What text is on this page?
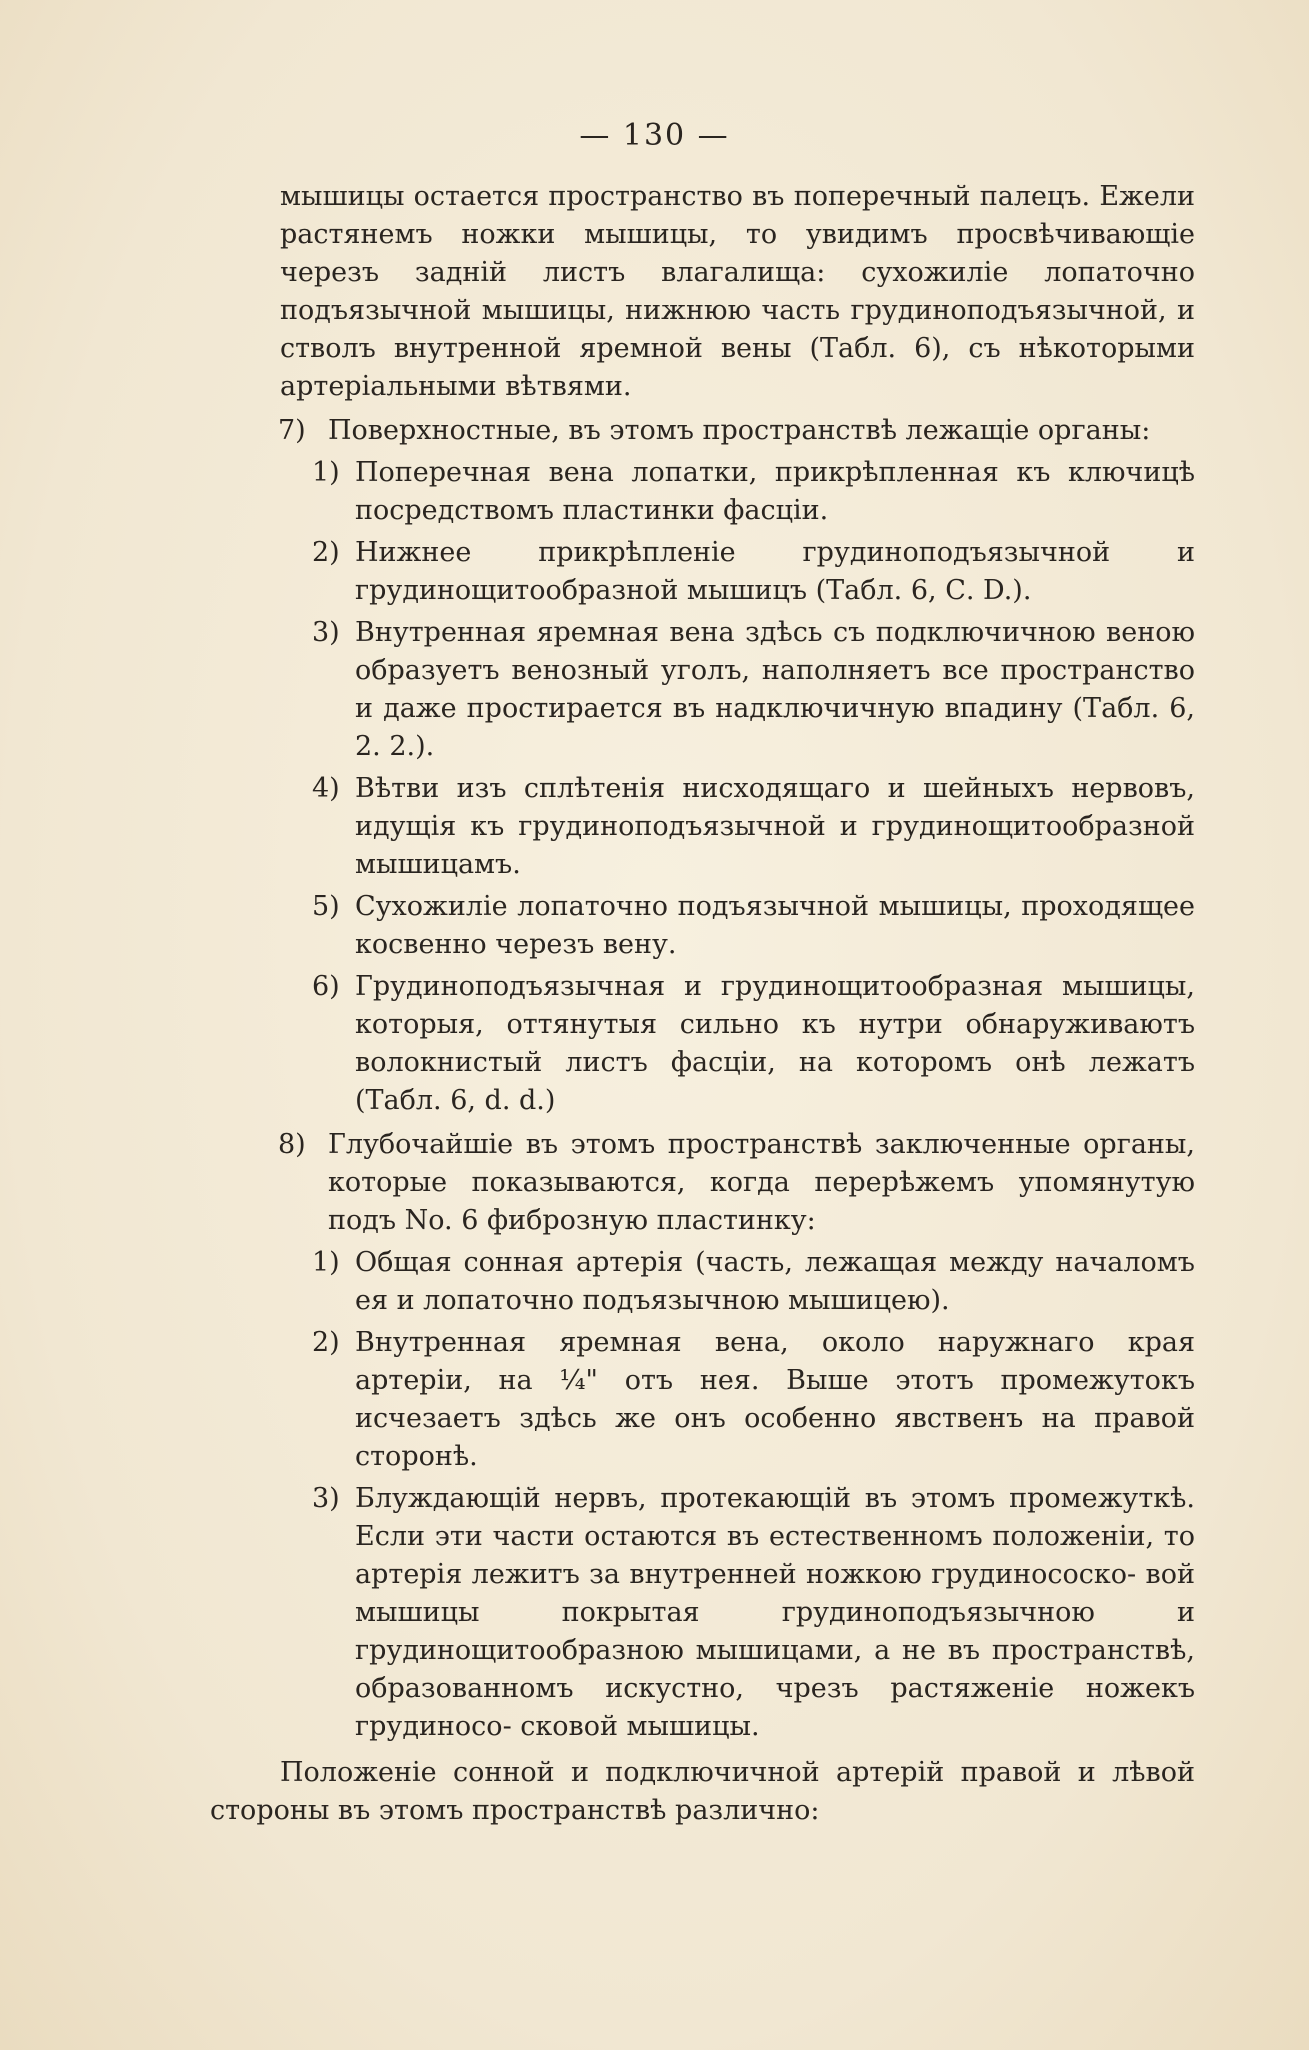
— 130 —

мышицы остается пространство въ поперечный палецъ. Ежели растянемъ ножки мышицы, то увидимъ просвѣчивающіе черезъ задній листъ влагалища: сухожиліе лопаточно подъязычной мышицы, нижнюю часть грудиноподъязычной, и стволъ внутренной яремной вены (Табл. 6), съ нѣкоторыми артеріальными вѣтвями.

7) Поверхностные, въ этомъ пространствѣ лежащіе органы:

1) Поперечная вена лопатки, прикрѣпленная къ ключицѣ посредствомъ пластинки фасціи.

2) Нижнее прикрѣпленіе грудиноподъязычной и грудинощитообразной мышицъ (Табл. 6, С. D.).

3) Внутренная яремная вена здѣсь съ подключичною веною образуетъ венозный уголъ, наполняетъ все пространство и даже простирается въ надключичную впадину (Табл. 6, 2. 2.).

4) Вѣтви изъ сплѣтенія нисходящаго и шейныхъ нервовъ, идущія къ грудиноподъязычной и грудинощитообразной мышицамъ.

5) Сухожиліе лопаточно подъязычной мышицы, проходящее косвенно черезъ вену.

6) Грудиноподъязычная и грудинощитообразная мышицы, которыя, оттянутыя сильно къ нутри обнаруживаютъ волокнистый листъ фасціи, на которомъ онѣ лежатъ (Табл. 6, d. d.)

8) Глубочайшіе въ этомъ пространствѣ заключенные органы, которые показываются, когда перерѣжемъ упомянутую подъ No. 6 фиброзную пластинку:

1) Общая сонная артерія (часть, лежащая между началомъ ея и лопаточно подъязычною мышицею).

2) Внутренная яремная вена, около наружнаго края артеріи, на ¼" отъ нея. Выше этотъ промежутокъ исчезаетъ здѣсь же онъ особенно явственъ на правой сторонѣ.

3) Блуждающій нервъ, протекающій въ этомъ промежуткѣ. Если эти части остаются въ естественномъ положеніи, то артерія лежитъ за внутренней ножкою грудинососко- вой мышицы покрытая грудиноподъязычною и грудинощитообразною мышицами, а не въ пространствѣ, образованномъ искустно, чрезъ растяженіе ножекъ грудиносо- сковой мышицы.

Положеніе сонной и подключичной артерій правой и лѣвой стороны въ этомъ пространствѣ различно:
